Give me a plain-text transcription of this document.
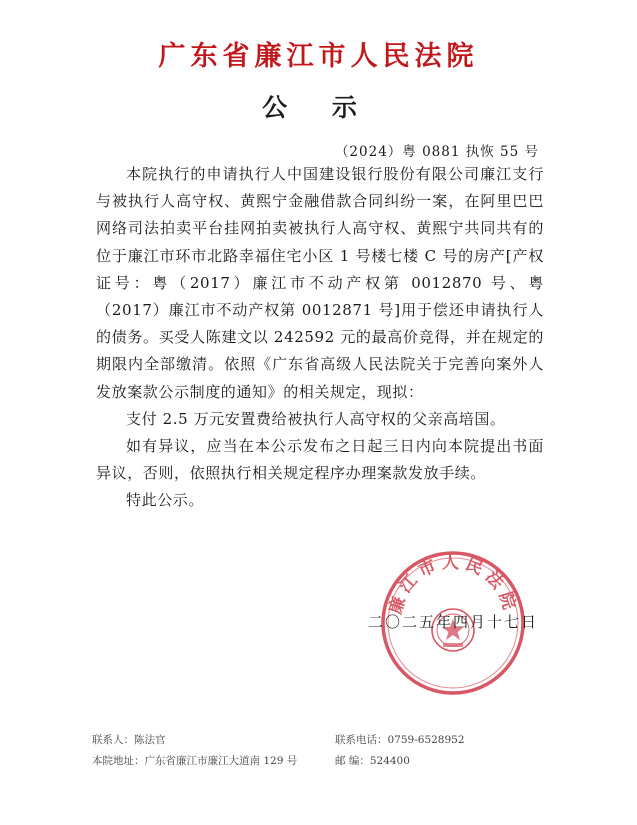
广东省廉江市人民法院
公 示
（2024）粤 0881 执恢 55 号

本院执行的申请执行人中国建设银行股份有限公司廉江支行与被执行人高守权、黄熙宁金融借款合同纠纷一案，在阿里巴巴网络司法拍卖平台挂网拍卖被执行人高守权、黄熙宁共同共有的位于廉江市环市北路幸福住宅小区 1 号楼七楼 C 号的房产[产权证号：粤（2017）廉江市不动产权第 0012870 号、粤（2017）廉江市不动产权第 0012871 号]用于偿还申请执行人的债务。买受人陈建文以 242592 元的最高价竞得，并在规定的期限内全部缴清。依照《广东省高级人民法院关于完善向案外人发放案款公示制度的通知》的相关规定，现拟：

支付 2.5 万元安置费给被执行人高守权的父亲高培国。

如有异议，应当在本公示发布之日起三日内向本院提出书面异议，否则，依照执行相关规定程序办理案款发放手续。

特此公示。

廉江市人民法院
二〇二五年四月十七日
联系人：陈法官	联系电话：0759-6528952
本院地址：广东省廉江市廉江大道南 129 号	邮 编：524400
